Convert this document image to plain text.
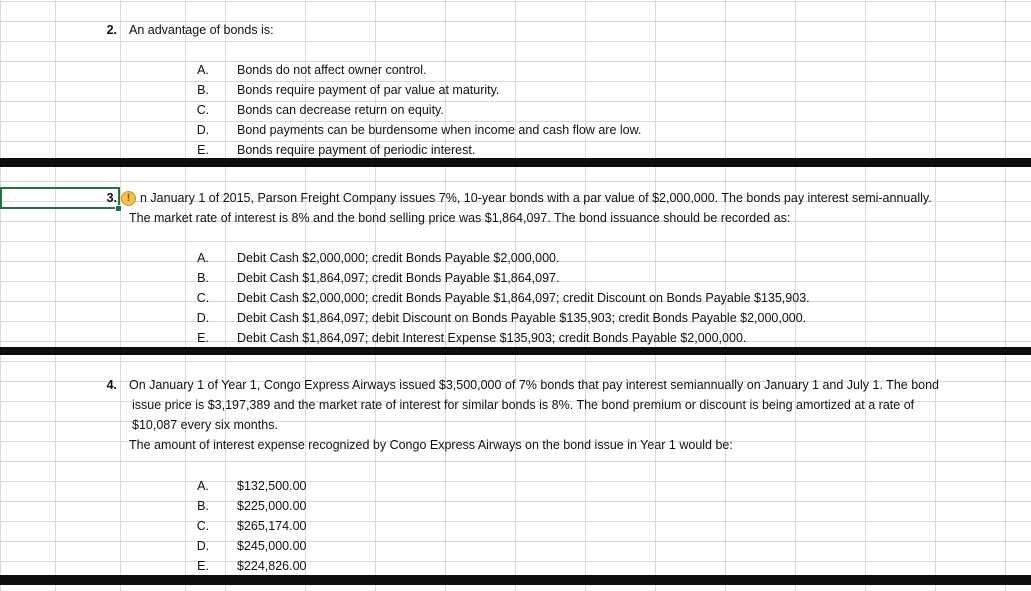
2. An advantage of bonds is:
A.	Bonds do not affect owner control.
B.	Bonds require payment of par value at maturity.
C.	Bonds can decrease return on equity.
D.	Bond payments can be burdensome when income and cash flow are low.
E.	Bonds require payment of periodic interest.
3. ! n January 1 of 2015, Parson Freight Company issues 7%, 10-year bonds with a par value of $2,000,000. The bonds pay interest semi-annually.
The market rate of interest is 8% and the bond selling price was $1,864,097. The bond issuance should be recorded as:
A.	Debit Cash $2,000,000; credit Bonds Payable $2,000,000.
B.	Debit Cash $1,864,097; credit Bonds Payable $1,864,097.
C.	Debit Cash $2,000,000; credit Bonds Payable $1,864,097; credit Discount on Bonds Payable $135,903.
D.	Debit Cash $1,864,097; debit Discount on Bonds Payable $135,903; credit Bonds Payable $2,000,000.
E.	Debit Cash $1,864,097; debit Interest Expense $135,903; credit Bonds Payable $2,000,000.
4. On January 1 of Year 1, Congo Express Airways issued $3,500,000 of 7% bonds that pay interest semiannually on January 1 and July 1. The bond
issue price is $3,197,389 and the market rate of interest for similar bonds is 8%. The bond premium or discount is being amortized at a rate of
$10,087 every six months.
The amount of interest expense recognized by Congo Express Airways on the bond issue in Year 1 would be:
A.	$132,500.00
B.	$225,000.00
C.	$265,174.00
D.	$245,000.00
E.	$224,826.00
